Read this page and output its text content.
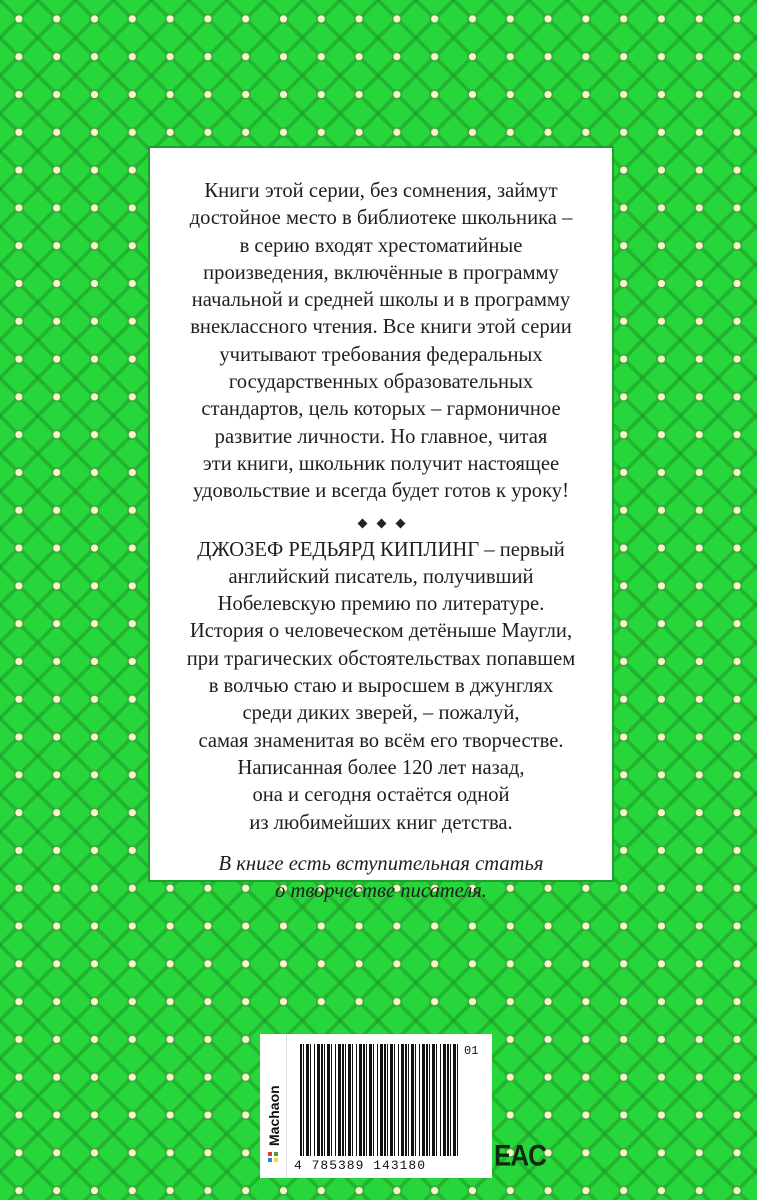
Книги этой серии, без сомнения, займут
достойное место в библиотеке школьника –
в серию входят хрестоматийные
произведения, включённые в программу
начальной и средней школы и в программу
внеклассного чтения. Все книги этой серии
учитывают требования федеральных
государственных образовательных
стандартов, цель которых – гармоничное
развитие личности. Но главное, читая
эти книги, школьник получит настоящее
удовольствие и всегда будет готов к уроку!

ДЖОЗЕФ РЕДЬЯРД КИПЛИНГ – первый
английский писатель, получивший
Нобелевскую премию по литературе.
История о человеческом детёныше Маугли,
при трагических обстоятельствах попавшем
в волчью стаю и выросшем в джунглях
среди диких зверей, – пожалуй,
самая знаменитая во всём его творчестве.
Написанная более 120 лет назад,
она и сегодня остаётся одной
из любимейших книг детства.

В книге есть вступительная статья
о творчестве писателя.

Machaon
01
4 785389 143180	EAC
